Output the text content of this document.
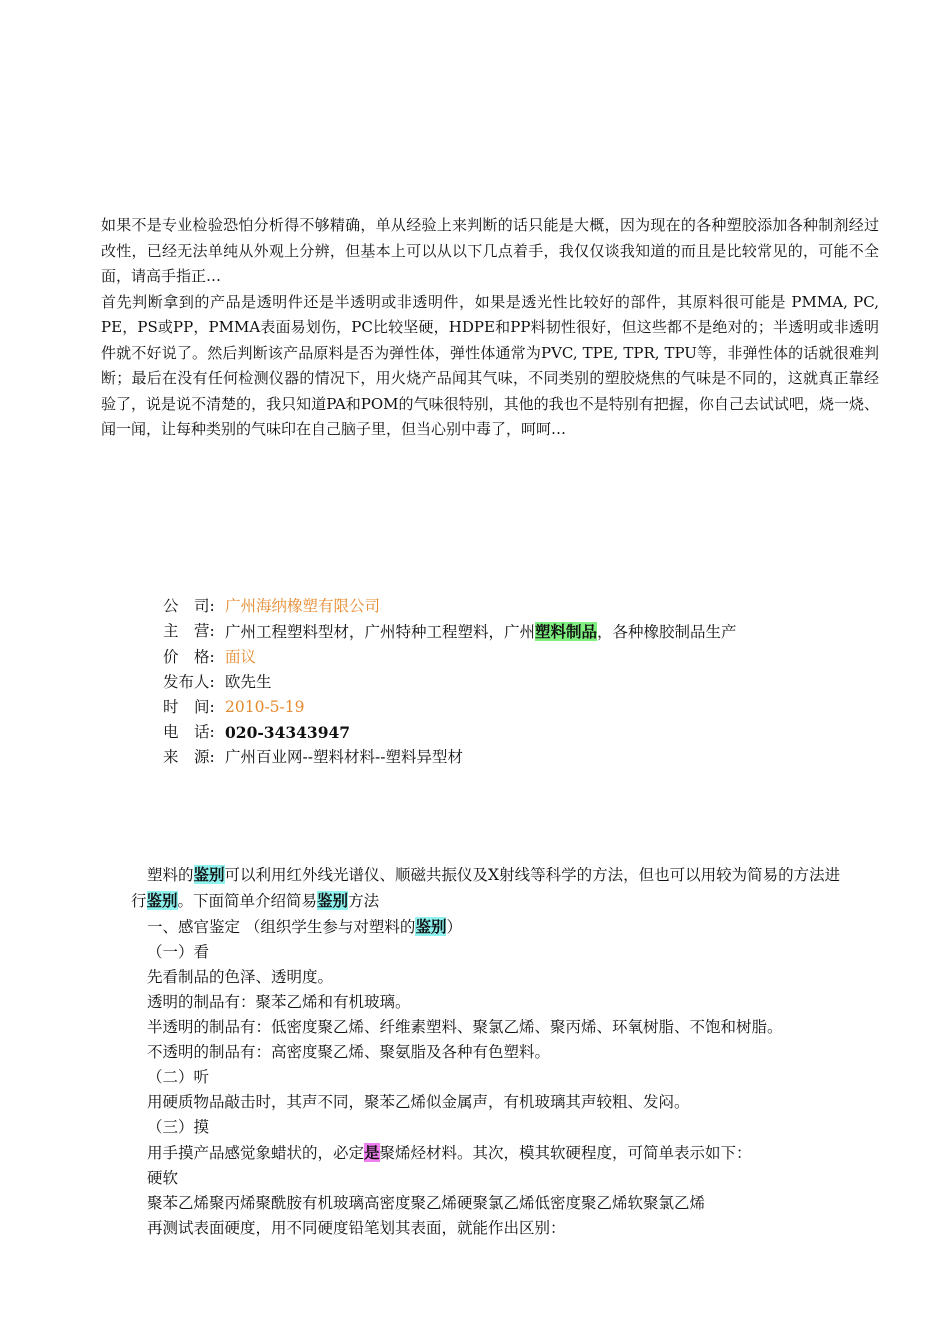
如果不是专业检验恐怕分析得不够精确，单从经验上来判断的话只能是大概，因为现在的各种塑胶添加各种制剂经过改性，已经无法单纯从外观上分辨，但基本上可以从以下几点着手，我仅仅谈我知道的而且是比较常见的，可能不全面，请高手指正…

首先判断拿到的产品是透明件还是半透明或非透明件，如果是透光性比较好的部件，其原料很可能是 PMMA, PC, PE，PS或PP，PMMA表面易划伤，PC比较坚硬，HDPE和PP料韧性很好，但这些都不是绝对的；半透明或非透明件就不好说了。然后判断该产品原料是否为弹性体，弹性体通常为PVC, TPE, TPR, TPU等，非弹性体的话就很难判断；最后在没有任何检测仪器的情况下，用火烧产品闻其气味，不同类别的塑胶烧焦的气味是不同的，这就真正靠经验了，说是说不清楚的，我只知道PA和POM的气味很特别，其他的我也不是特别有把握，你自己去试试吧，烧一烧、闻一闻，让每种类别的气味印在自己脑子里，但当心别中毒了，呵呵…

公　司: 广州海纳橡塑有限公司
主　营: 广州工程塑料型材，广州特种工程塑料，广州塑料制品，各种橡胶制品生产
价　格: 面议
发布人: 欧先生
时　间: 2010-5-19
电　话: 020-34343947
来　源: 广州百业网--塑料材料--塑料异型材

塑料的鉴别可以利用红外线光谱仪、顺磁共振仪及X射线等科学的方法，但也可以用较为简易的方法进行鉴别。下面简单介绍简易鉴别方法

一、感官鉴定 （组织学生参与对塑料的鉴别）

（一）看

先看制品的色泽、透明度。

透明的制品有：聚苯乙烯和有机玻璃。

半透明的制品有：低密度聚乙烯、纤维素塑料、聚氯乙烯、聚丙烯、环氧树脂、不饱和树脂。

不透明的制品有：高密度聚乙烯、聚氨脂及各种有色塑料。

（二）听

用硬质物品敲击时，其声不同，聚苯乙烯似金属声，有机玻璃其声较粗、发闷。

（三）摸

用手摸产品感觉象蜡状的，必定是聚烯烃材料。其次，模其软硬程度，可简单表示如下：

硬软

聚苯乙烯聚丙烯聚酰胺有机玻璃高密度聚乙烯硬聚氯乙烯低密度聚乙烯软聚氯乙烯

再测试表面硬度，用不同硬度铅笔划其表面，就能作出区别：
